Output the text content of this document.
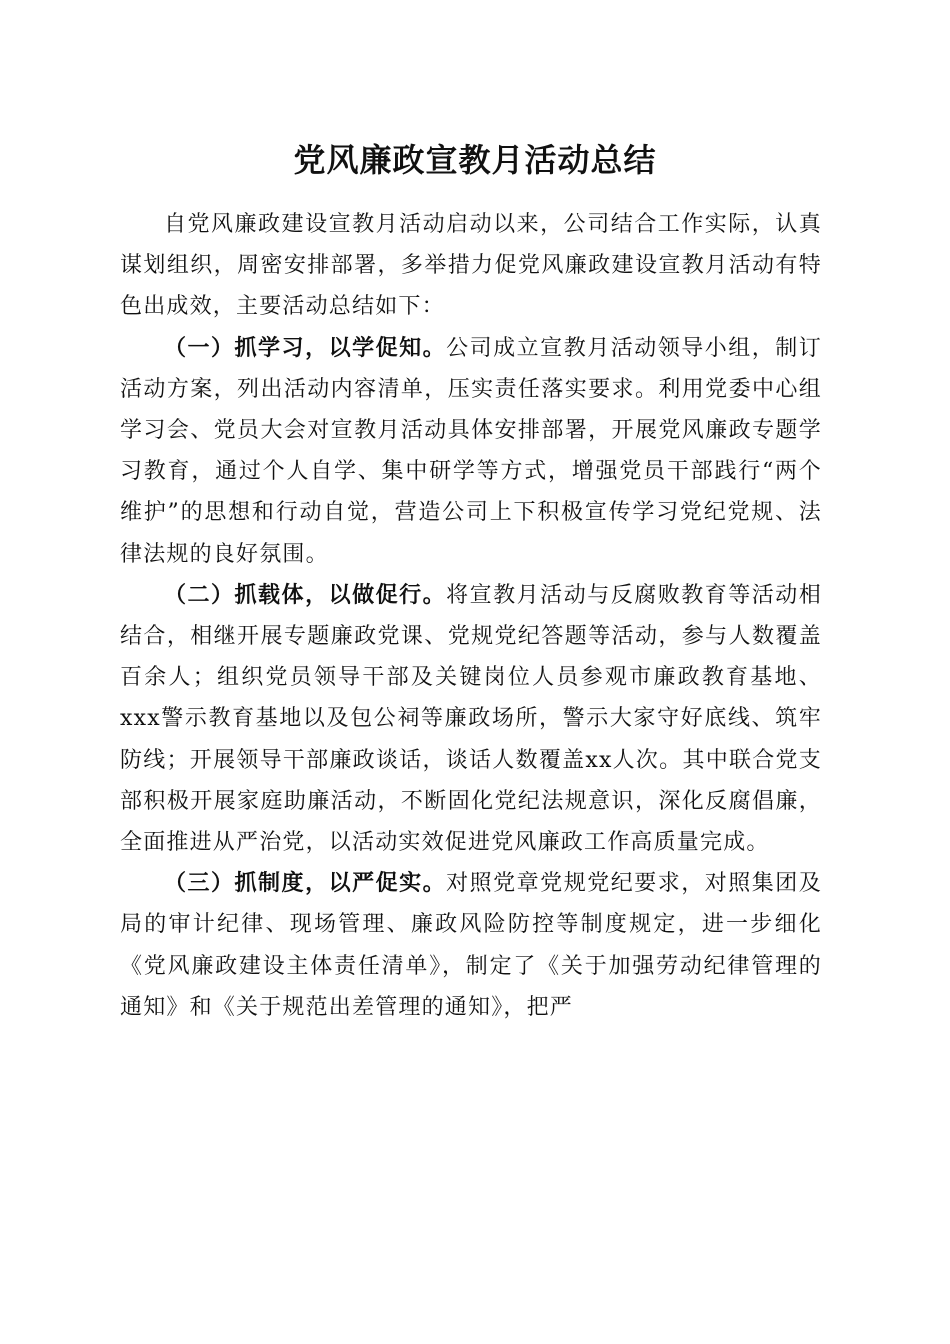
党风廉政宣教月活动总结

自党风廉政建设宣教月活动启动以来，公司结合工作实际，认真谋划组织，周密安排部署，多举措力促党风廉政建设宣教月活动有特色出成效，主要活动总结如下：

（一）抓学习，以学促知。公司成立宣教月活动领导小组，制订活动方案，列出活动内容清单，压实责任落实要求。利用党委中心组学习会、党员大会对宣教月活动具体安排部署，开展党风廉政专题学习教育，通过个人自学、集中研学等方式，增强党员干部践行“两个维护”的思想和行动自觉，营造公司上下积极宣传学习党纪党规、法律法规的良好氛围。

（二）抓载体，以做促行。将宣教月活动与反腐败教育等活动相结合，相继开展专题廉政党课、党规党纪答题等活动，参与人数覆盖百余人；组织党员领导干部及关键岗位人员参观市廉政教育基地、xxx警示教育基地以及包公祠等廉政场所，警示大家守好底线、筑牢防线；开展领导干部廉政谈话，谈话人数覆盖xx人次。其中联合党支部积极开展家庭助廉活动，不断固化党纪法规意识，深化反腐倡廉，全面推进从严治党，以活动实效促进党风廉政工作高质量完成。

（三）抓制度，以严促实。对照党章党规党纪要求，对照集团及局的审计纪律、现场管理、廉政风险防控等制度规定，进一步细化《党风廉政建设主体责任清单》，制定了《关于加强劳动纪律管理的通知》和《关于规范出差管理的通知》，把严
